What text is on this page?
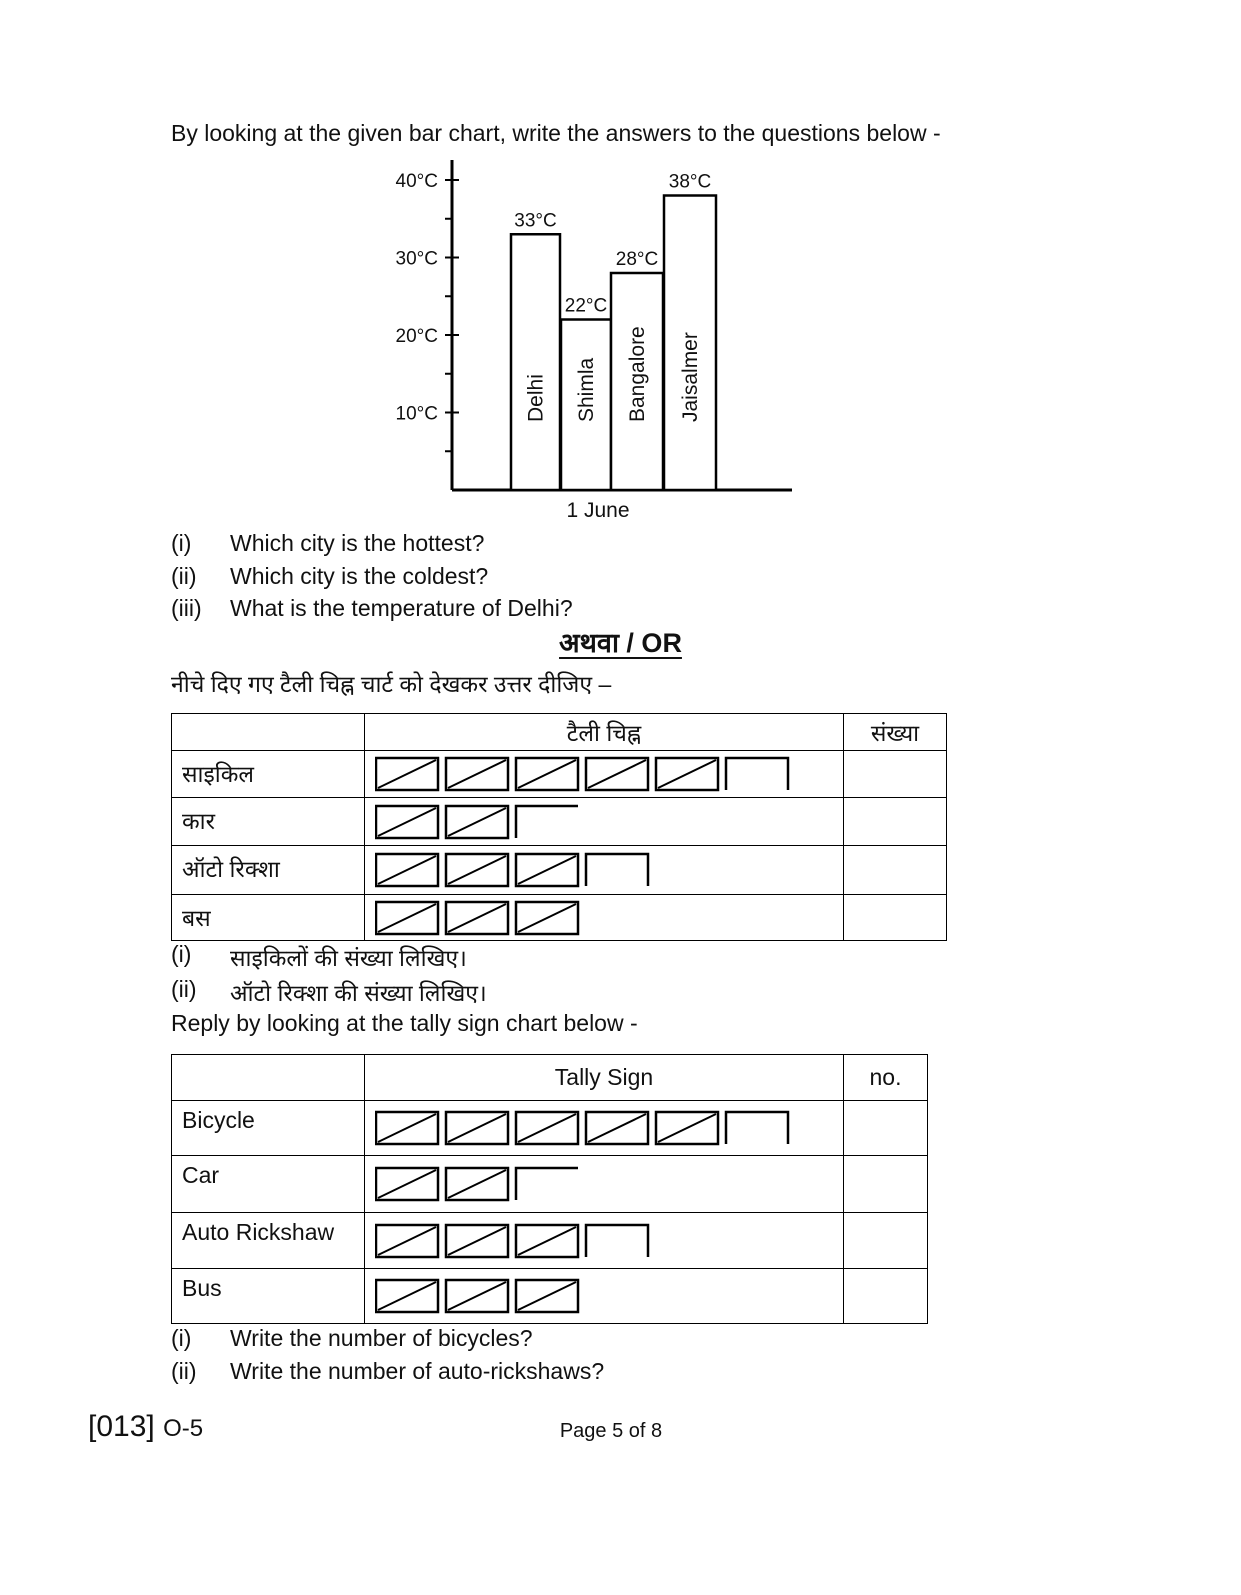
By looking at the given bar chart, write the answers to the questions below -
10°C
20°C
30°C
40°C
33°C
Delhi
22°C
Shimla
28°C
Bangalore
38°C
Jaisalmer
1 June
(i) Which city is the hottest?
(ii) Which city is the coldest?
(iii) What is the temperature of Delhi?
अथवा / OR
नीचे दिए गए टैली चिह्न चार्ट को देखकर उत्तर दीजिए –
	टैली चिह्न	संख्या
साइकिल	

कार	

ऑटो रिक्शा	

बस	

(i) साइकिलों की संख्या लिखिए।
(ii) ऑटो रिक्शा की संख्या लिखिए।
Reply by looking at the tally sign chart below -
	Tally Sign	no.
Bicycle	

Car	

Auto Rickshaw	

Bus	

(i) Write the number of bicycles?
(ii) Write the number of auto-rickshaws?
[013] O-5	Page 5 of 8
